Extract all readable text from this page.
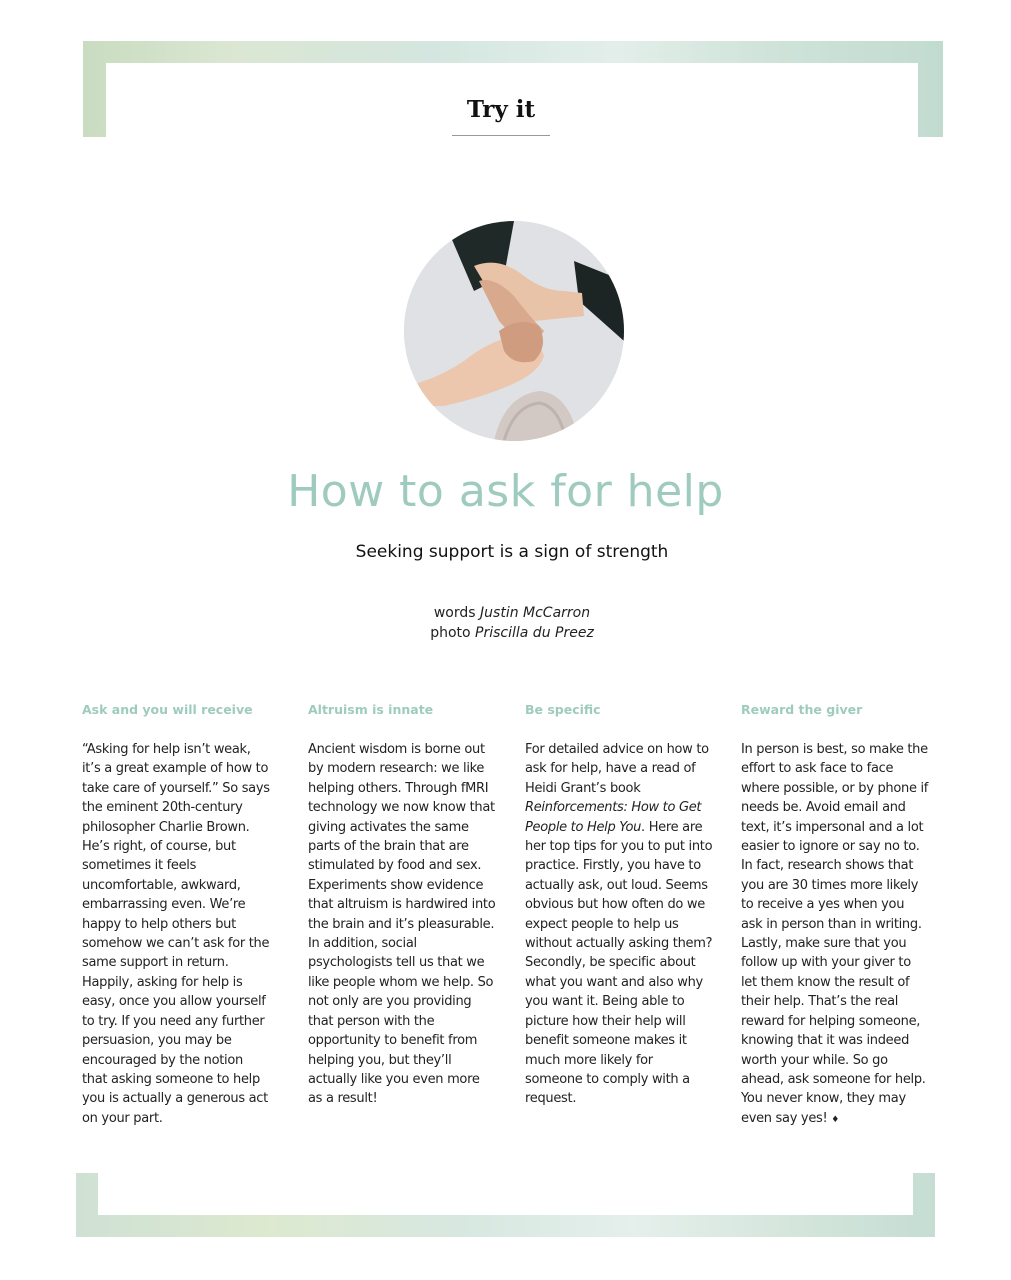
Try it
How to ask for help

Seeking support is a sign of strength

words Justin McCarron

photo Priscilla du Preez

Ask and you will receive

“Asking for help isn’t weak, it’s a great example of how to take care of yourself.” So says the eminent 20th-century philosopher Charlie Brown. He’s right, of course, but sometimes it feels uncomfortable, awkward, embarrassing even. We’re happy to help others but somehow we can’t ask for the same support in return. Happily, asking for help is easy, once you allow yourself to try. If you need any further persuasion, you may be encouraged by the notion that asking someone to help you is actually a generous act on your part.

Altruism is innate

Ancient wisdom is borne out by modern research: we like helping others. Through fMRI technology we now know that giving activates the same parts of the brain that are stimulated by food and sex. Experiments show evidence that altruism is hardwired into the brain and it’s pleasurable. In addition, social psychologists tell us that we like people whom we help. So not only are you providing that person with the opportunity to benefit from helping you, but they’ll actually like you even more as a result!

Be specific

For detailed advice on how to ask for help, have a read of Heidi Grant’s book Reinforcements: How to Get People to Help You. Here are her top tips for you to put into practice. Firstly, you have to actually ask, out loud. Seems obvious but how often do we expect people to help us without actually asking them? Secondly, be specific about what you want and also why you want it. Being able to picture how their help will benefit someone makes it much more likely for someone to comply with a request.

Reward the giver

In person is best, so make the effort to ask face to face where possible, or by phone if needs be. Avoid email and text, it’s impersonal and a lot easier to ignore or say no to. In fact, research shows that you are 30 times more likely to receive a yes when you ask in person than in writing. Lastly, make sure that you follow up with your giver to let them know the result of their help. That’s the real reward for helping someone, knowing that it was indeed worth your while. So go ahead, ask someone for help. You never know, they may even say yes! ♦
